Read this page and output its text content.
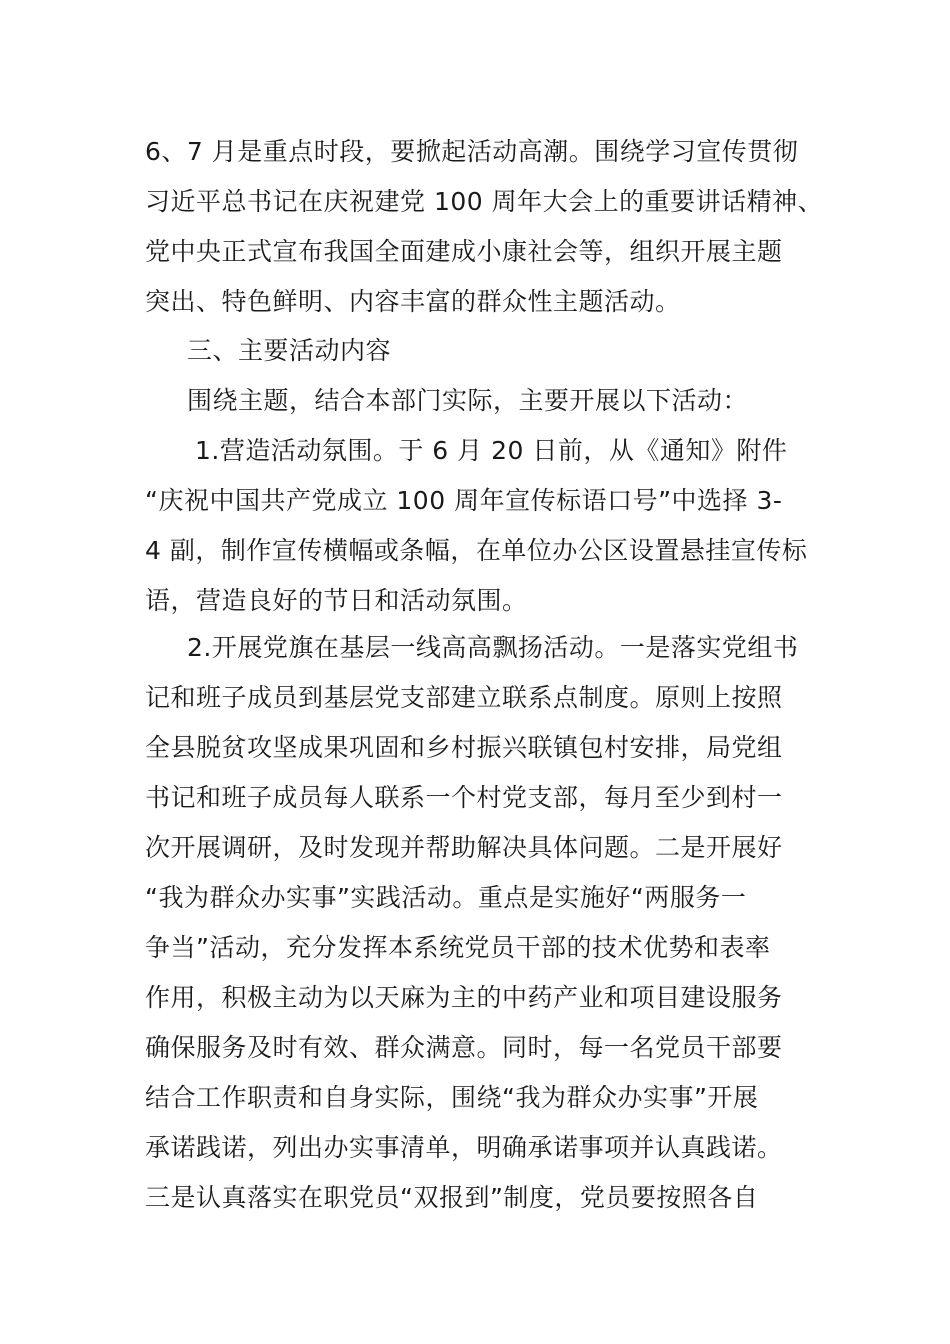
6、7 月是重点时段，要掀起活动高潮。围绕学习宣传贯彻
习近平总书记在庆祝建党 100 周年大会上的重要讲话精神、
党中央正式宣布我国全面建成小康社会等，组织开展主题
突出、特色鲜明、内容丰富的群众性主题活动。
三、主要活动内容
围绕主题，结合本部门实际，主要开展以下活动：
1.营造活动氛围。于 6 月 20 日前，从《通知》附件
“庆祝中国共产党成立 100 周年宣传标语口号”中选择 3-
4 副，制作宣传横幅或条幅，在单位办公区设置悬挂宣传标
语，营造良好的节日和活动氛围。
2.开展党旗在基层一线高高飘扬活动。一是落实党组书
记和班子成员到基层党支部建立联系点制度。原则上按照
全县脱贫攻坚成果巩固和乡村振兴联镇包村安排，局党组
书记和班子成员每人联系一个村党支部，每月至少到村一
次开展调研，及时发现并帮助解决具体问题。二是开展好
“我为群众办实事”实践活动。重点是实施好“两服务一
争当”活动，充分发挥本系统党员干部的技术优势和表率
作用，积极主动为以天麻为主的中药产业和项目建设服务
确保服务及时有效、群众满意。同时，每一名党员干部要
结合工作职责和自身实际，围绕“我为群众办实事”开展
承诺践诺，列出办实事清单，明确承诺事项并认真践诺。
三是认真落实在职党员“双报到”制度，党员要按照各自
